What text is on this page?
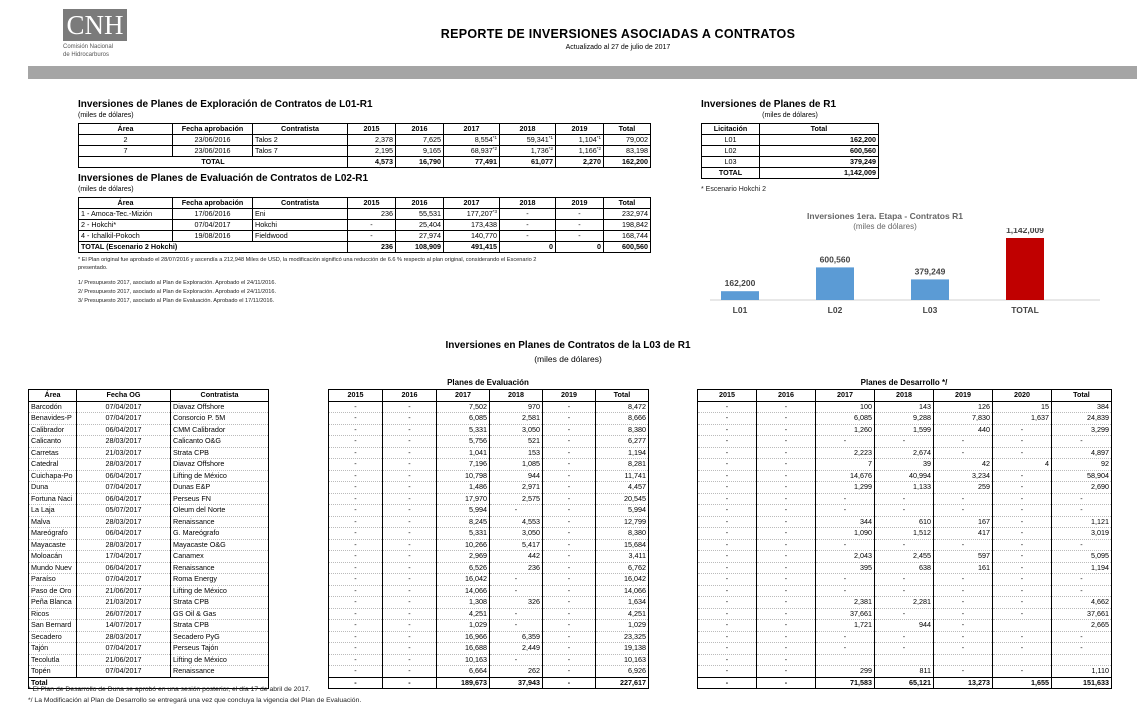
CNH
Comisión Nacional
de Hidrocarburos
REPORTE DE INVERSIONES ASOCIADAS A CONTRATOS
Actualizado al 27 de julio de 2017
Inversiones de Planes de Exploración de Contratos de L01-R1
(miles de dólares)
Área	Fecha aprobación	Contratista	2015	2016	2017	2018	2019	Total
2	23/06/2016	Talos 2	2,378	7,625	8,554$^{*1}$	59,341$^{*1}$	1,104$^{*1}$	79,002
7	23/06/2016	Talos 7	2,195	9,165	68,937$^{*2}$	1,736$^{*2}$	1,166$^{*2}$	83,198
TOTAL			4,573	16,790	77,491	61,077	2,270	162,200
Inversiones de Planes de Evaluación de Contratos de L02-R1
(miles de dólares)
Área	Fecha aprobación	Contratista	2015	2016	2017	2018	2019	Total
1 - Amoca-Tec.-Mizión	17/06/2016	Eni	236	55,531	177,207$^{*3}$	-	-	232,974
2 - Hokchi*	07/04/2017	Hokchi	-	25,404	173,438	-	-	198,842
4 - Ichalkil-Pokoch	19/08/2016	Fieldwood	-	27,974	140,770	-	-	168,744
TOTAL (Escenario 2 Hokchi)			236	108,909	491,415	0	0	600,560
* El Plan original fue aprobado el 28/07/2016 y ascendía a 212,948 Miles de USD, la modificación significó una reducción de 6.6 % respecto al plan original, considerando el Escenario 2
presentado.
1/ Presupuesto 2017, asociado al Plan de Exploración. Aprobado el 24/11/2016.
2/ Presupuesto 2017, asociado al Plan de Exploración. Aprobado el 24/11/2016.
3/ Presupuesto 2017, asociado al Plan de Evaluación. Aprobado el 17/11/2016.
Inversiones de Planes de R1
(miles de dólares)
Licitación	Total
L01	162,200
L02	600,560
L03	379,249
TOTAL	1,142,009
* Escenario Hokchi 2
Inversiones 1era. Etapa - Contratos R1
(miles de dólares)
162,200
L01
600,560
L02
379,249
L03
1,142,009
TOTAL
Inversiones en Planes de Contratos de la L03 de R1
(miles de dólares)
Planes de Evaluación	Planes de Desarrollo */
Área	Fecha OG	Contratista
Barcodón	07/04/2017	Diavaz Offshore
Benavides-P	07/04/2017	Consorcio P. 5M
Calibrador	06/04/2017	CMM Calibrador
Calicanto	28/03/2017	Calicanto O&G
Carretas	21/03/2017	Strata CPB
Catedral	28/03/2017	Diavaz Offshore
Cuichapa-Po	06/04/2017	Lifting de México
Duna	07/04/2017	Dunas E&P
Fortuna Naci	06/04/2017	Perseus FN
La Laja	05/07/2017	Oleum del Norte
Malva	28/03/2017	Renaissance
Mareógrafo	06/04/2017	G. Mareógrafo
Mayacaste	28/03/2017	Mayacaste O&G
Moloacán	17/04/2017	Canamex
Mundo Nuev	06/04/2017	Renaissance
Paraíso	07/04/2017	Roma Energy
Paso de Oro	21/06/2017	Lifting de México
Peña Blanca	21/03/2017	Strata CPB
Ricos	26/07/2017	GS Oil & Gas
San Bernard	14/07/2017	Strata CPB
Secadero	28/03/2017	Secadero PyG
Tajón	07/04/2017	Perseus Tajón
Tecolutla	21/06/2017	Lifting de México
Topén	07/04/2017	Renaissance
Total		
2015	2016	2017	2018	2019	Total
-	-	7,502	970	-	8,472
-	-	6,085	2,581	-	8,666
-	-	5,331	3,050	-	8,380
-	-	5,756	521	-	6,277
-	-	1,041	153	-	1,194
-	-	7,196	1,085	-	8,281
-	-	10,798	944	-	11,741
-	-	1,486	2,971	-	4,457
-	-	17,970	2,575	-	20,545
-	-	5,994	-	-	5,994
-	-	8,245	4,553	-	12,799
-	-	5,331	3,050	-	8,380
-	-	10,266	5,417	-	15,684
-	-	2,969	442	-	3,411
-	-	6,526	236	-	6,762
-	-	16,042	-	-	16,042
-	-	14,066	-	-	14,066
-	-	1,308	326	-	1,634
-	-	4,251	-	-	4,251
-	-	1,029	-	-	1,029
-	-	16,966	6,359	-	23,325
-	-	16,688	2,449	-	19,138
-	-	10,163	-	-	10,163
-	-	6,664	262	-	6,926
-	-	189,673	37,943	-	227,617
2015	2016	2017	2018	2019	2020	Total
-	-	100	143	126	15	384
-	-	6,085	9,288	7,830	1,637	24,839
-	-	1,260	1,599	440	-	3,299
-	-	-	-	-	-	-
-	-	2,223	2,674	-	-	4,897
-	-	7	39	42	4	92
-	-	14,676	40,994	3,234	-	58,904
-	-	1,299	1,133	259	-	2,690
-	-	-	-	-	-	-
-	-	-	-	-	-	-
-	-	344	610	167	-	1,121
-	-	1,090	1,512	417	-	3,019
-	-	-	-	-	-	-
-	-	2,043	2,455	597	-	5,095
-	-	395	638	161	-	1,194
-	-	-	-	-	-	-
-	-	-	-	-	-	-
-	-	2,381	2,281	-	-	4,662
-	-	37,661	-	-	-	37,661
-	-	1,721	944	-		2,665
-	-	-	-	-	-	-
-	-	-	-	-	-	-
-	-					
-	-	299	811	-	-	1,110
-	-	71,583	65,121	13,273	1,655	151,633
* El Plan de Desarrollo de Duna se aprobó en una sesión posterior, el día 17 de abril de 2017.
*/ La Modificación al Plan de Desarrollo se entregará una vez que concluya la vigencia del Plan de Evaluación.
